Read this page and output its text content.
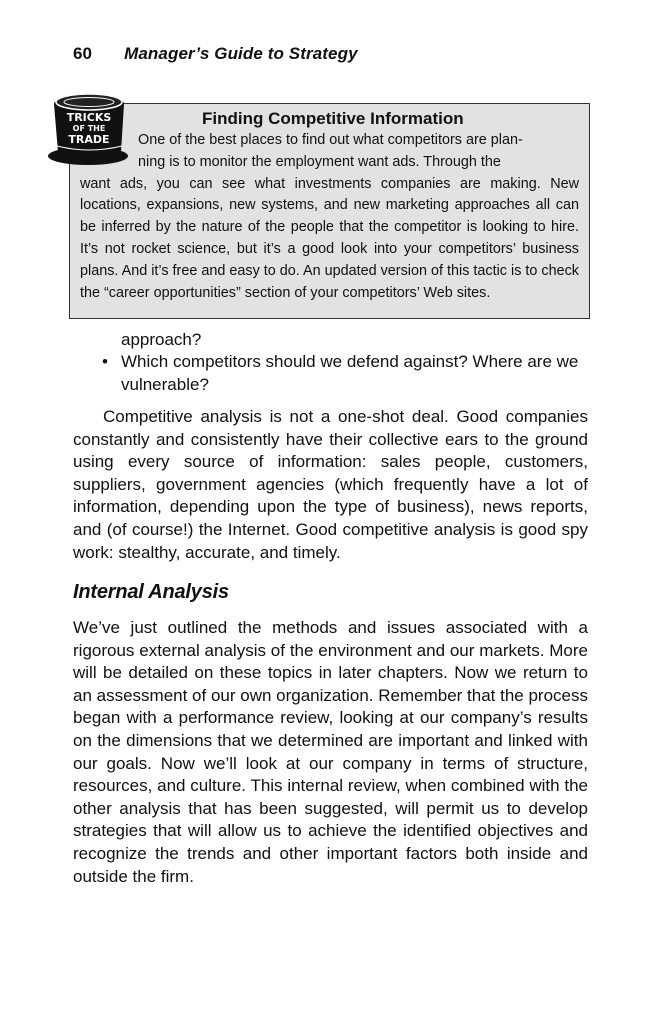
60 Manager’s Guide to Strategy
TRICKS
OF THE
TRADE
Finding Competitive Information

One of the best places to find out what competitors are plan-
ning is to monitor the employment want ads. Through the
want ads, you can see what investments companies are making. New locations, expansions, new systems, and new marketing approaches all can be inferred by the nature of the people that the competitor is looking to hire. It’s not rocket science, but it’s a good look into your competitors’ business plans. And it’s free and easy to do. An updated version of this tactic is to check the “career opportunities” section of your competitors’ Web sites.

approach?

• Which competitors should we defend against? Where are we vulnerable?

Competitive analysis is not a one-shot deal. Good companies constantly and consistently have their collective ears to the ground using every source of information: sales people, customers, suppliers, government agencies (which frequently have a lot of information, depending upon the type of business), news reports, and (of course!) the Internet. Good competitive analysis is good spy work: stealthy, accurate, and timely.

Internal Analysis

We’ve just outlined the methods and issues associated with a rigorous external analysis of the environment and our markets. More will be detailed on these topics in later chapters. Now we return to an assessment of our own organization. Remember that the process began with a performance review, looking at our company’s results on the dimensions that we determined are important and linked with our goals. Now we’ll look at our company in terms of structure, resources, and culture. This internal review, when combined with the other analysis that has been suggested, will permit us to develop strategies that will allow us to achieve the identified objectives and recognize the trends and other important factors both inside and outside the firm.
